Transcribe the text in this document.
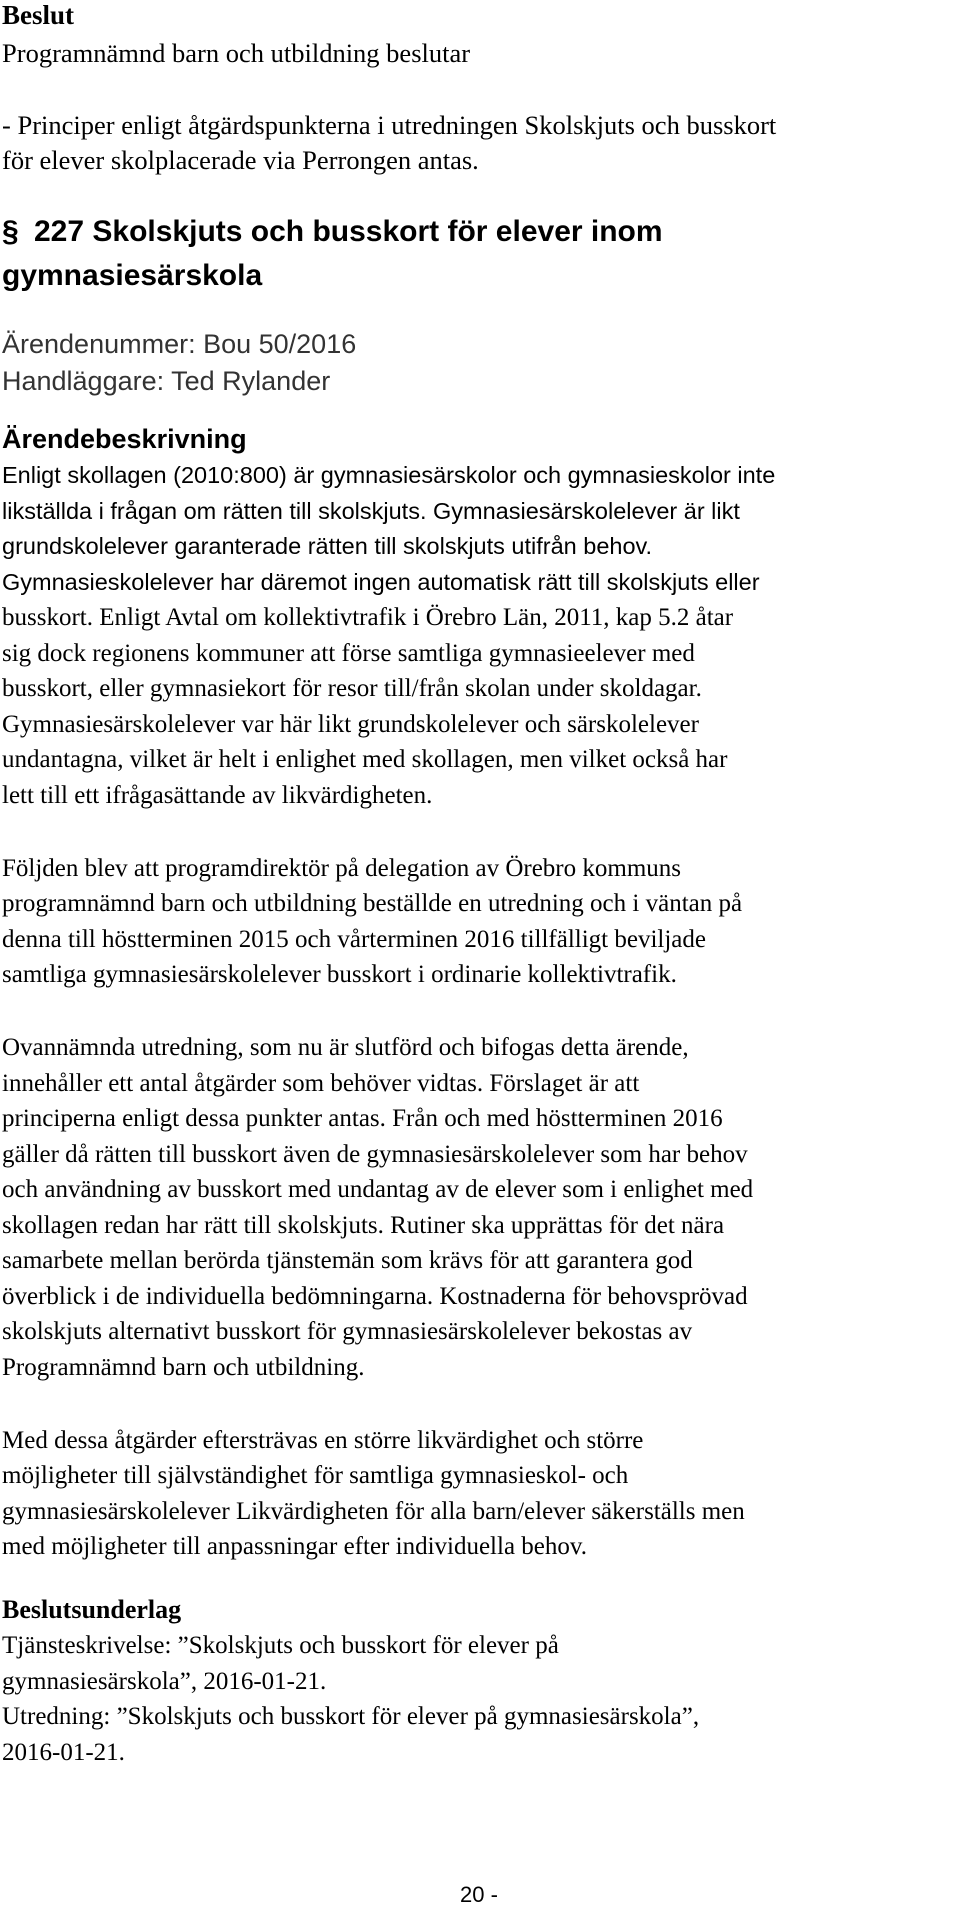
Beslut

Programnämnd barn och utbildning beslutar

- Principer enligt åtgärdspunkterna i utredningen Skolskjuts och busskort

för elever skolplacerade via Perrongen antas.

§ 227 Skolskjuts och busskort för elever inom
gymnasiesärskola

Ärendenummer: Bou 50/2016

Handläggare: Ted Rylander

Ärendebeskrivning

Enligt skollagen (2010:800) är gymnasiesärskolor och gymnasieskolor inte

likställda i frågan om rätten till skolskjuts. Gymnasiesärskolelever är likt

grundskolelever garanterade rätten till skolskjuts utifrån behov.

Gymnasieskolelever har däremot ingen automatisk rätt till skolskjuts eller

busskort. Enligt Avtal om kollektivtrafik i Örebro Län, 2011, kap 5.2 åtar

sig dock regionens kommuner att förse samtliga gymnasieelever med

busskort, eller gymnasiekort för resor till/från skolan under skoldagar.

Gymnasiesärskolelever var här likt grundskolelever och särskolelever

undantagna, vilket är helt i enlighet med skollagen, men vilket också har

lett till ett ifrågasättande av likvärdigheten.

Följden blev att programdirektör på delegation av Örebro kommuns

programnämnd barn och utbildning beställde en utredning och i väntan på

denna till höstterminen 2015 och vårterminen 2016 tillfälligt beviljade

samtliga gymnasiesärskolelever busskort i ordinarie kollektivtrafik.

Ovannämnda utredning, som nu är slutförd och bifogas detta ärende,

innehåller ett antal åtgärder som behöver vidtas. Förslaget är att

principerna enligt dessa punkter antas. Från och med höstterminen 2016

gäller då rätten till busskort även de gymnasiesärskolelever som har behov

och användning av busskort med undantag av de elever som i enlighet med

skollagen redan har rätt till skolskjuts. Rutiner ska upprättas för det nära

samarbete mellan berörda tjänstemän som krävs för att garantera god

överblick i de individuella bedömningarna. Kostnaderna för behovsprövad

skolskjuts alternativt busskort för gymnasiesärskolelever bekostas av

Programnämnd barn och utbildning.

Med dessa åtgärder eftersträvas en större likvärdighet och större

möjligheter till självständighet för samtliga gymnasieskol- och

gymnasiesärskolelever Likvärdigheten för alla barn/elever säkerställs men

med möjligheter till anpassningar efter individuella behov.

Beslutsunderlag

Tjänsteskrivelse: ”Skolskjuts och busskort för elever på

gymnasiesärskola”, 2016-01-21.

Utredning: ”Skolskjuts och busskort för elever på gymnasiesärskola”,

2016-01-21.

20 -
